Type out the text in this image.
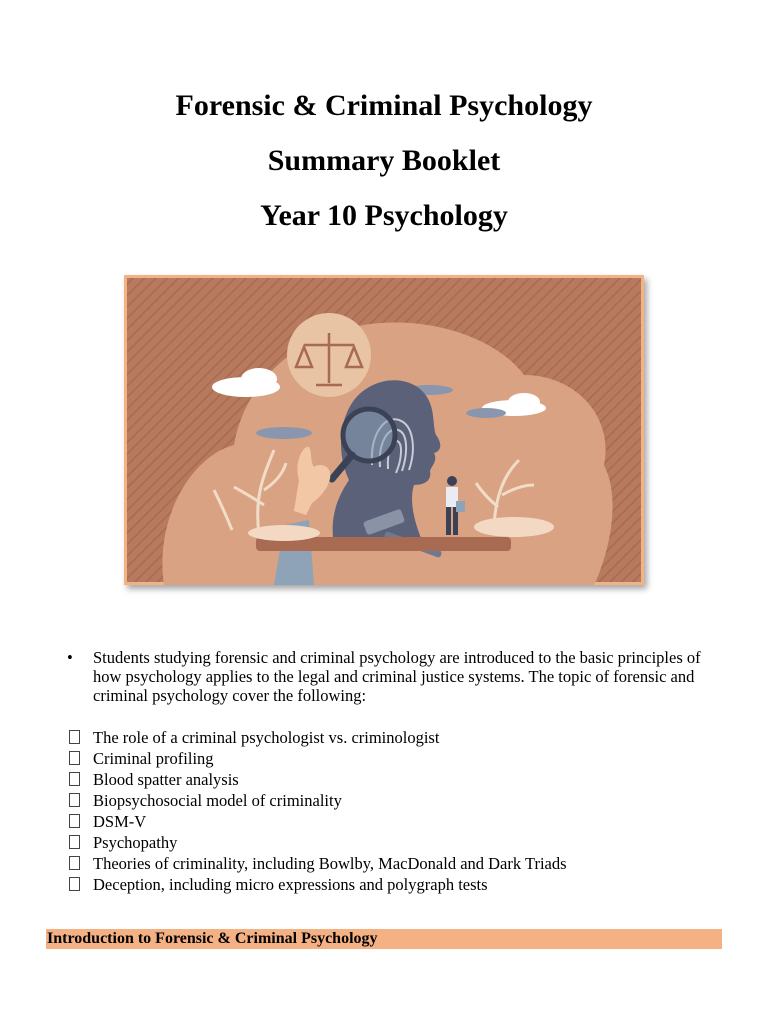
Forensic & Criminal Psychology

Summary Booklet

Year 10 Psychology

•	Students studying forensic and criminal psychology are introduced to the basic principles of how psychology applies to the legal and criminal justice systems. The topic of forensic and criminal psychology cover the following:
The role of a criminal psychologist vs. criminologist
Criminal profiling
Blood spatter analysis
Biopsychosocial model of criminality
DSM-V
Psychopathy
Theories of criminality, including Bowlby, MacDonald and Dark Triads
Deception, including micro expressions and polygraph tests
Introduction to Forensic & Criminal Psychology
